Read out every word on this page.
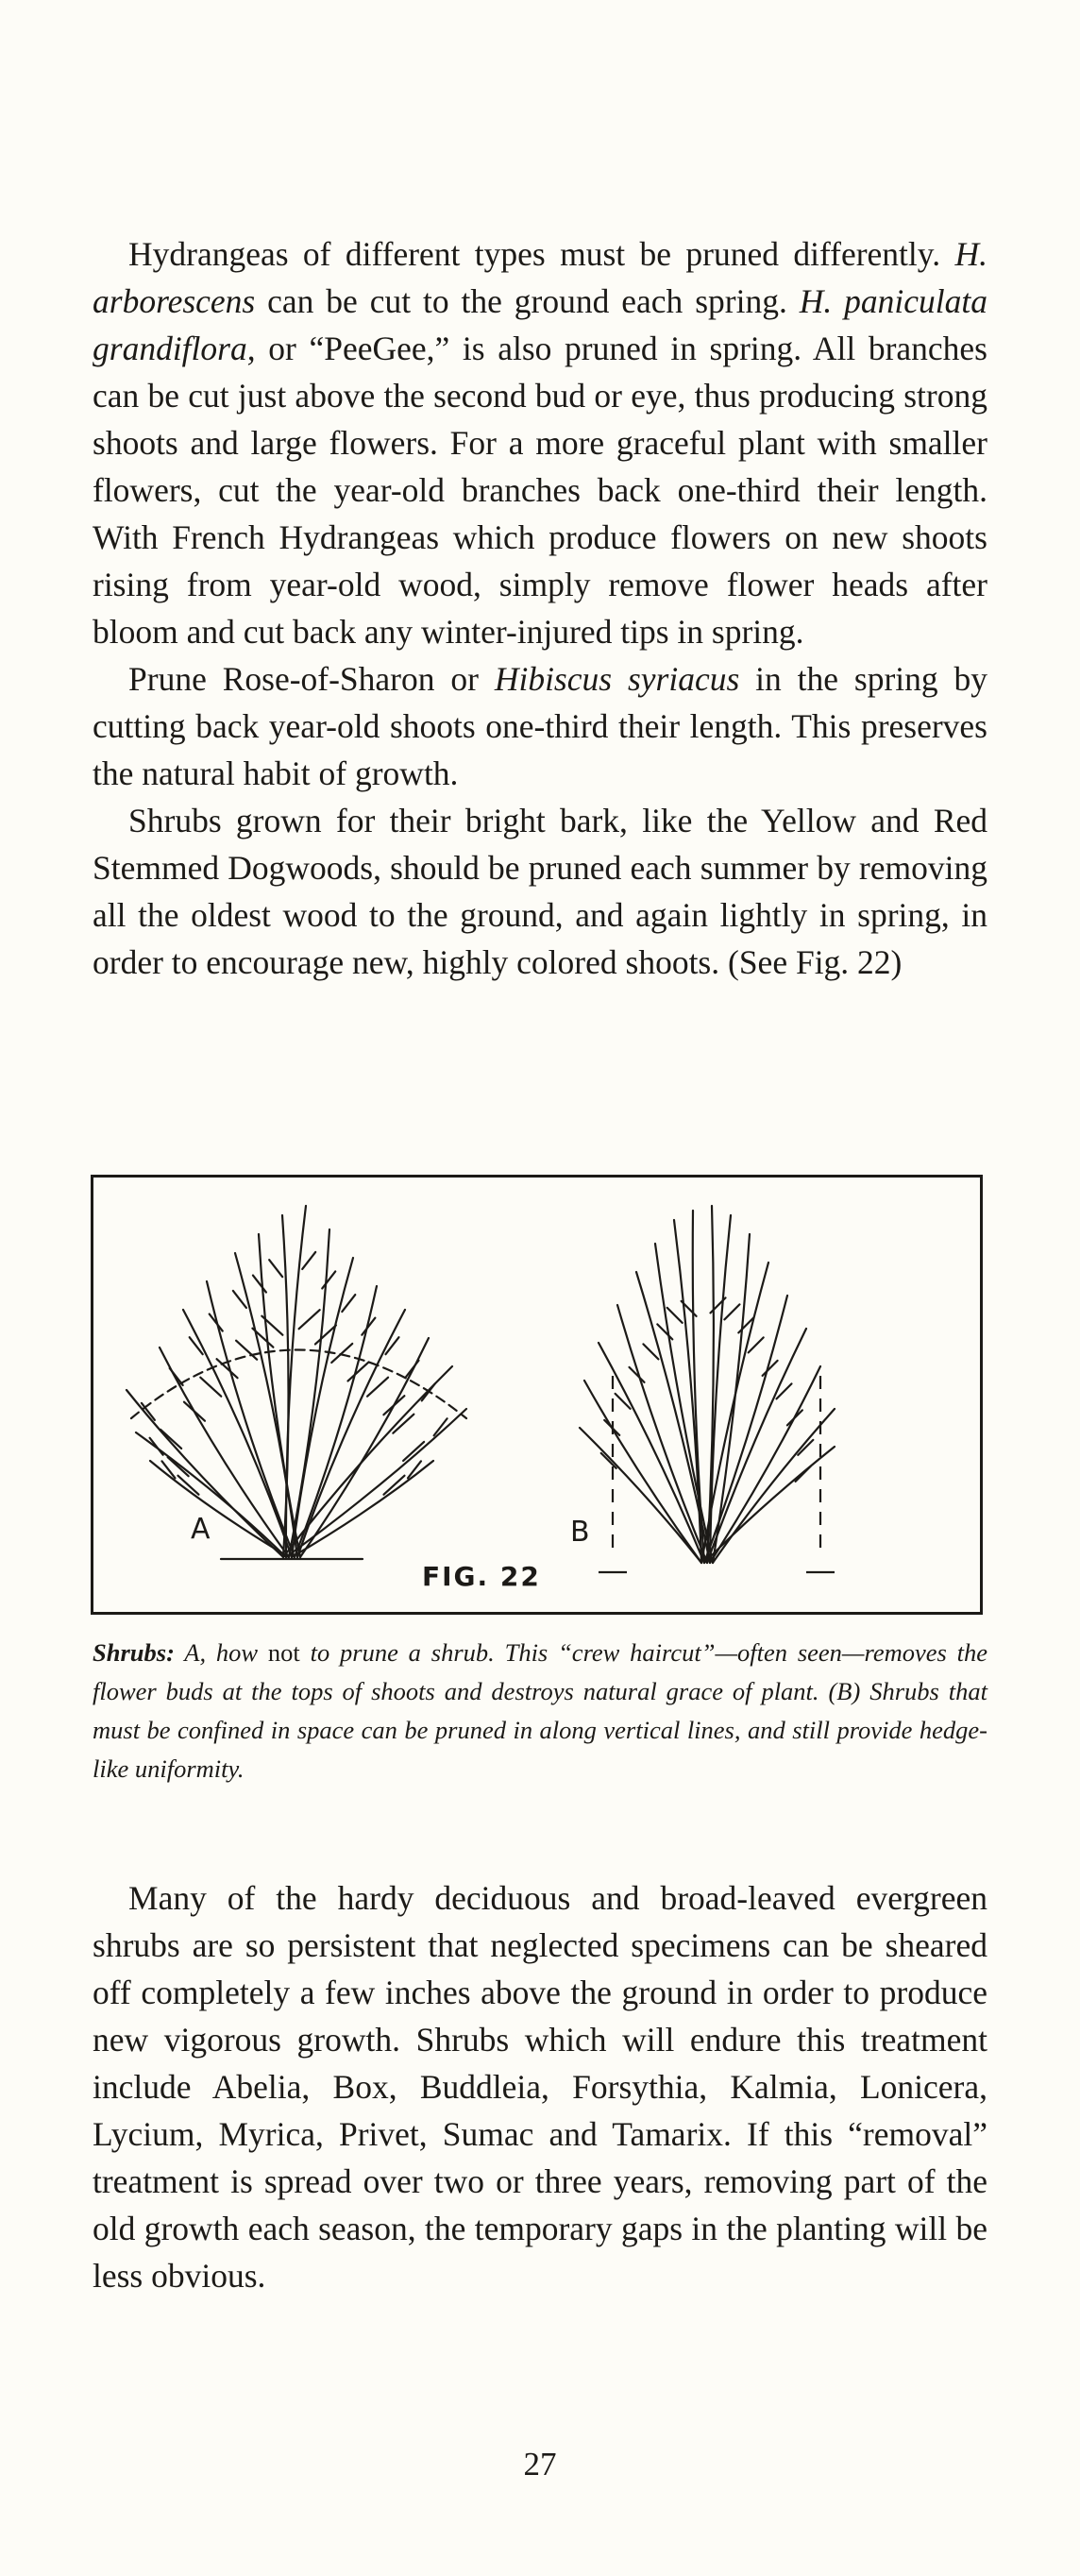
Hydrangeas of different types must be pruned differently. H. arborescens can be cut to the ground each spring. H. paniculata grandiflora, or “PeeGee,” is also pruned in spring. All branches can be cut just above the second bud or eye, thus producing strong shoots and large flowers. For a more graceful plant with smaller flowers, cut the year-old branches back one-third their length. With French Hydrangeas which produce flowers on new shoots rising from year-old wood, simply remove flower heads after bloom and cut back any winter-injured tips in spring.

Prune Rose-of-Sharon or Hibiscus syriacus in the spring by cutting back year-old shoots one-third their length. This preserves the natural habit of growth.

Shrubs grown for their bright bark, like the Yellow and Red Stemmed Dogwoods, should be pruned each summer by removing all the oldest wood to the ground, and again lightly in spring, in order to encourage new, highly colored shoots. (See Fig. 22)

A	B
FIG. 22
Shrubs: A, how not to prune a shrub. This “crew haircut”—often seen—removes the flower buds at the tops of shoots and destroys natural grace of plant. (B) Shrubs that must be confined in space can be pruned in along vertical lines, and still provide hedge-like uniformity.

Many of the hardy deciduous and broad-leaved evergreen shrubs are so persistent that neglected specimens can be sheared off completely a few inches above the ground in order to produce new vigorous growth. Shrubs which will endure this treatment include Abelia, Box, Buddleia, Forsythia, Kalmia, Lonicera, Lycium, Myrica, Privet, Sumac and Tamarix. If this “removal” treatment is spread over two or three years, removing part of the old growth each season, the temporary gaps in the planting will be less obvious.

27
